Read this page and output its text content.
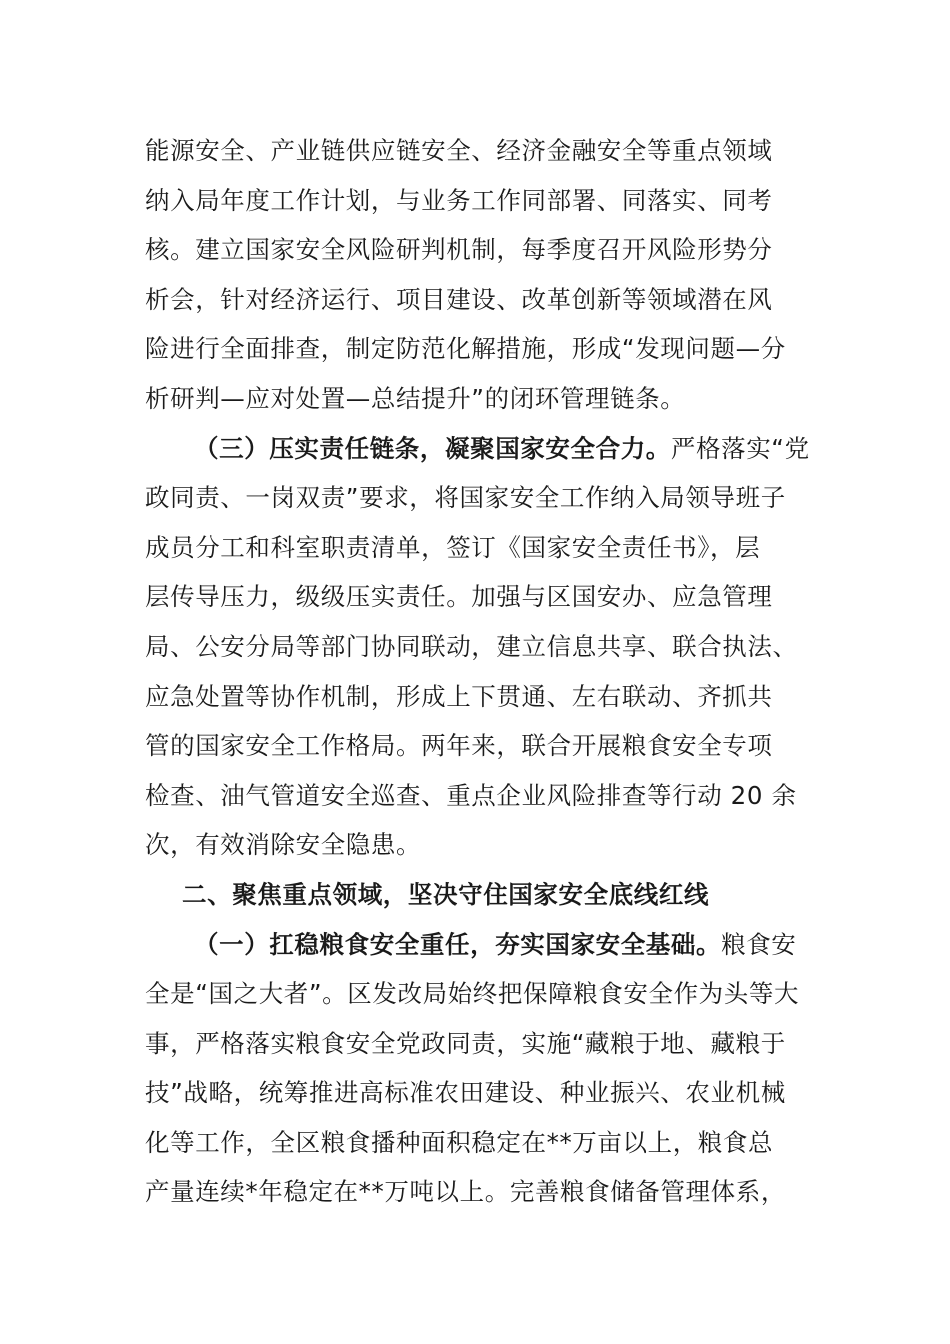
能源安全、产业链供应链安全、经济金融安全等重点领域
纳入局年度工作计划，与业务工作同部署、同落实、同考
核。建立国家安全风险研判机制，每季度召开风险形势分
析会，针对经济运行、项目建设、改革创新等领域潜在风
险进行全面排查，制定防范化解措施，形成“发现问题—分
析研判—应对处置—总结提升”的闭环管理链条。
（三）压实责任链条，凝聚国家安全合力。严格落实“党
政同责、一岗双责”要求，将国家安全工作纳入局领导班子
成员分工和科室职责清单，签订《国家安全责任书》，层
层传导压力，级级压实责任。加强与区国安办、应急管理
局、公安分局等部门协同联动，建立信息共享、联合执法、
应急处置等协作机制，形成上下贯通、左右联动、齐抓共
管的国家安全工作格局。两年来，联合开展粮食安全专项
检查、油气管道安全巡查、重点企业风险排查等行动 20 余
次，有效消除安全隐患。
二、聚焦重点领域，坚决守住国家安全底线红线
（一）扛稳粮食安全重任，夯实国家安全基础。粮食安
全是“国之大者”。区发改局始终把保障粮食安全作为头等大
事，严格落实粮食安全党政同责，实施“藏粮于地、藏粮于
技”战略，统筹推进高标准农田建设、种业振兴、农业机械
化等工作，全区粮食播种面积稳定在**万亩以上，粮食总
产量连续*年稳定在**万吨以上。完善粮食储备管理体系，
